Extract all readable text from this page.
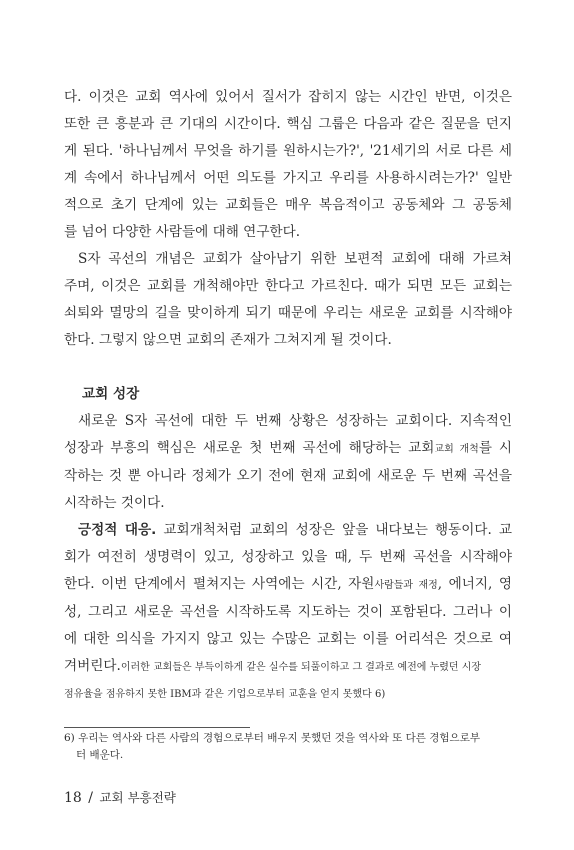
다. 이것은 교회 역사에 있어서 질서가 잡히지 않는 시간인 반면, 이것은
또한 큰 흥분과 큰 기대의 시간이다. 핵심 그룹은 다음과 같은 질문을 던지
게 된다. '하나님께서 무엇을 하기를 원하시는가?', '21세기의 서로 다른 세
계 속에서 하나님께서 어떤 의도를 가지고 우리를 사용하시려는가?' 일반
적으로 초기 단계에 있는 교회들은 매우 복음적이고 공동체와 그 공동체

를 넘어 다양한 사람들에 대해 연구한다.

S자 곡선의 개념은 교회가 살아남기 위한 보편적 교회에 대해 가르쳐
주며, 이것은 교회를 개척해야만 한다고 가르친다. 때가 되면 모든 교회는
쇠퇴와 멸망의 길을 맞이하게 되기 때문에 우리는 새로운 교회를 시작해야

한다. 그렇지 않으면 교회의 존재가 그쳐지게 될 것이다.

교회 성장

새로운 S자 곡선에 대한 두 번째 상황은 성장하는 교회이다. 지속적인
성장과 부흥의 핵심은 새로운 첫 번째 곡선에 해당하는 교회교회 개척를 시
작하는 것 뿐 아니라 정체가 오기 전에 현재 교회에 새로운 두 번째 곡선을

시작하는 것이다.

긍정적 대응. 교회개척처럼 교회의 성장은 앞을 내다보는 행동이다. 교
회가 여전히 생명력이 있고, 성장하고 있을 때, 두 번째 곡선을 시작해야
한다. 이번 단계에서 펼쳐지는 사역에는 시간, 자원사람들과 재정, 에너지, 영
성, 그리고 새로운 곡선을 시작하도록 지도하는 것이 포함된다. 그러나 이
에 대한 의식을 가지지 않고 있는 수많은 교회는 이를 어리석은 것으로 여

겨버린다.이러한 교회들은 부득이하게 같은 실수를 되풀이하고 그 결과로 예전에 누렸던 시장

점유율을 점유하지 못한 IBM과 같은 기업으로부터 교훈을 얻지 못했다 6)
6) 우리는 역사와 다른 사람의 경험으로부터 배우지 못했던 것을 역사와 또 다른 경험으로부
터 배운다.
18 / 교회 부흥전략
